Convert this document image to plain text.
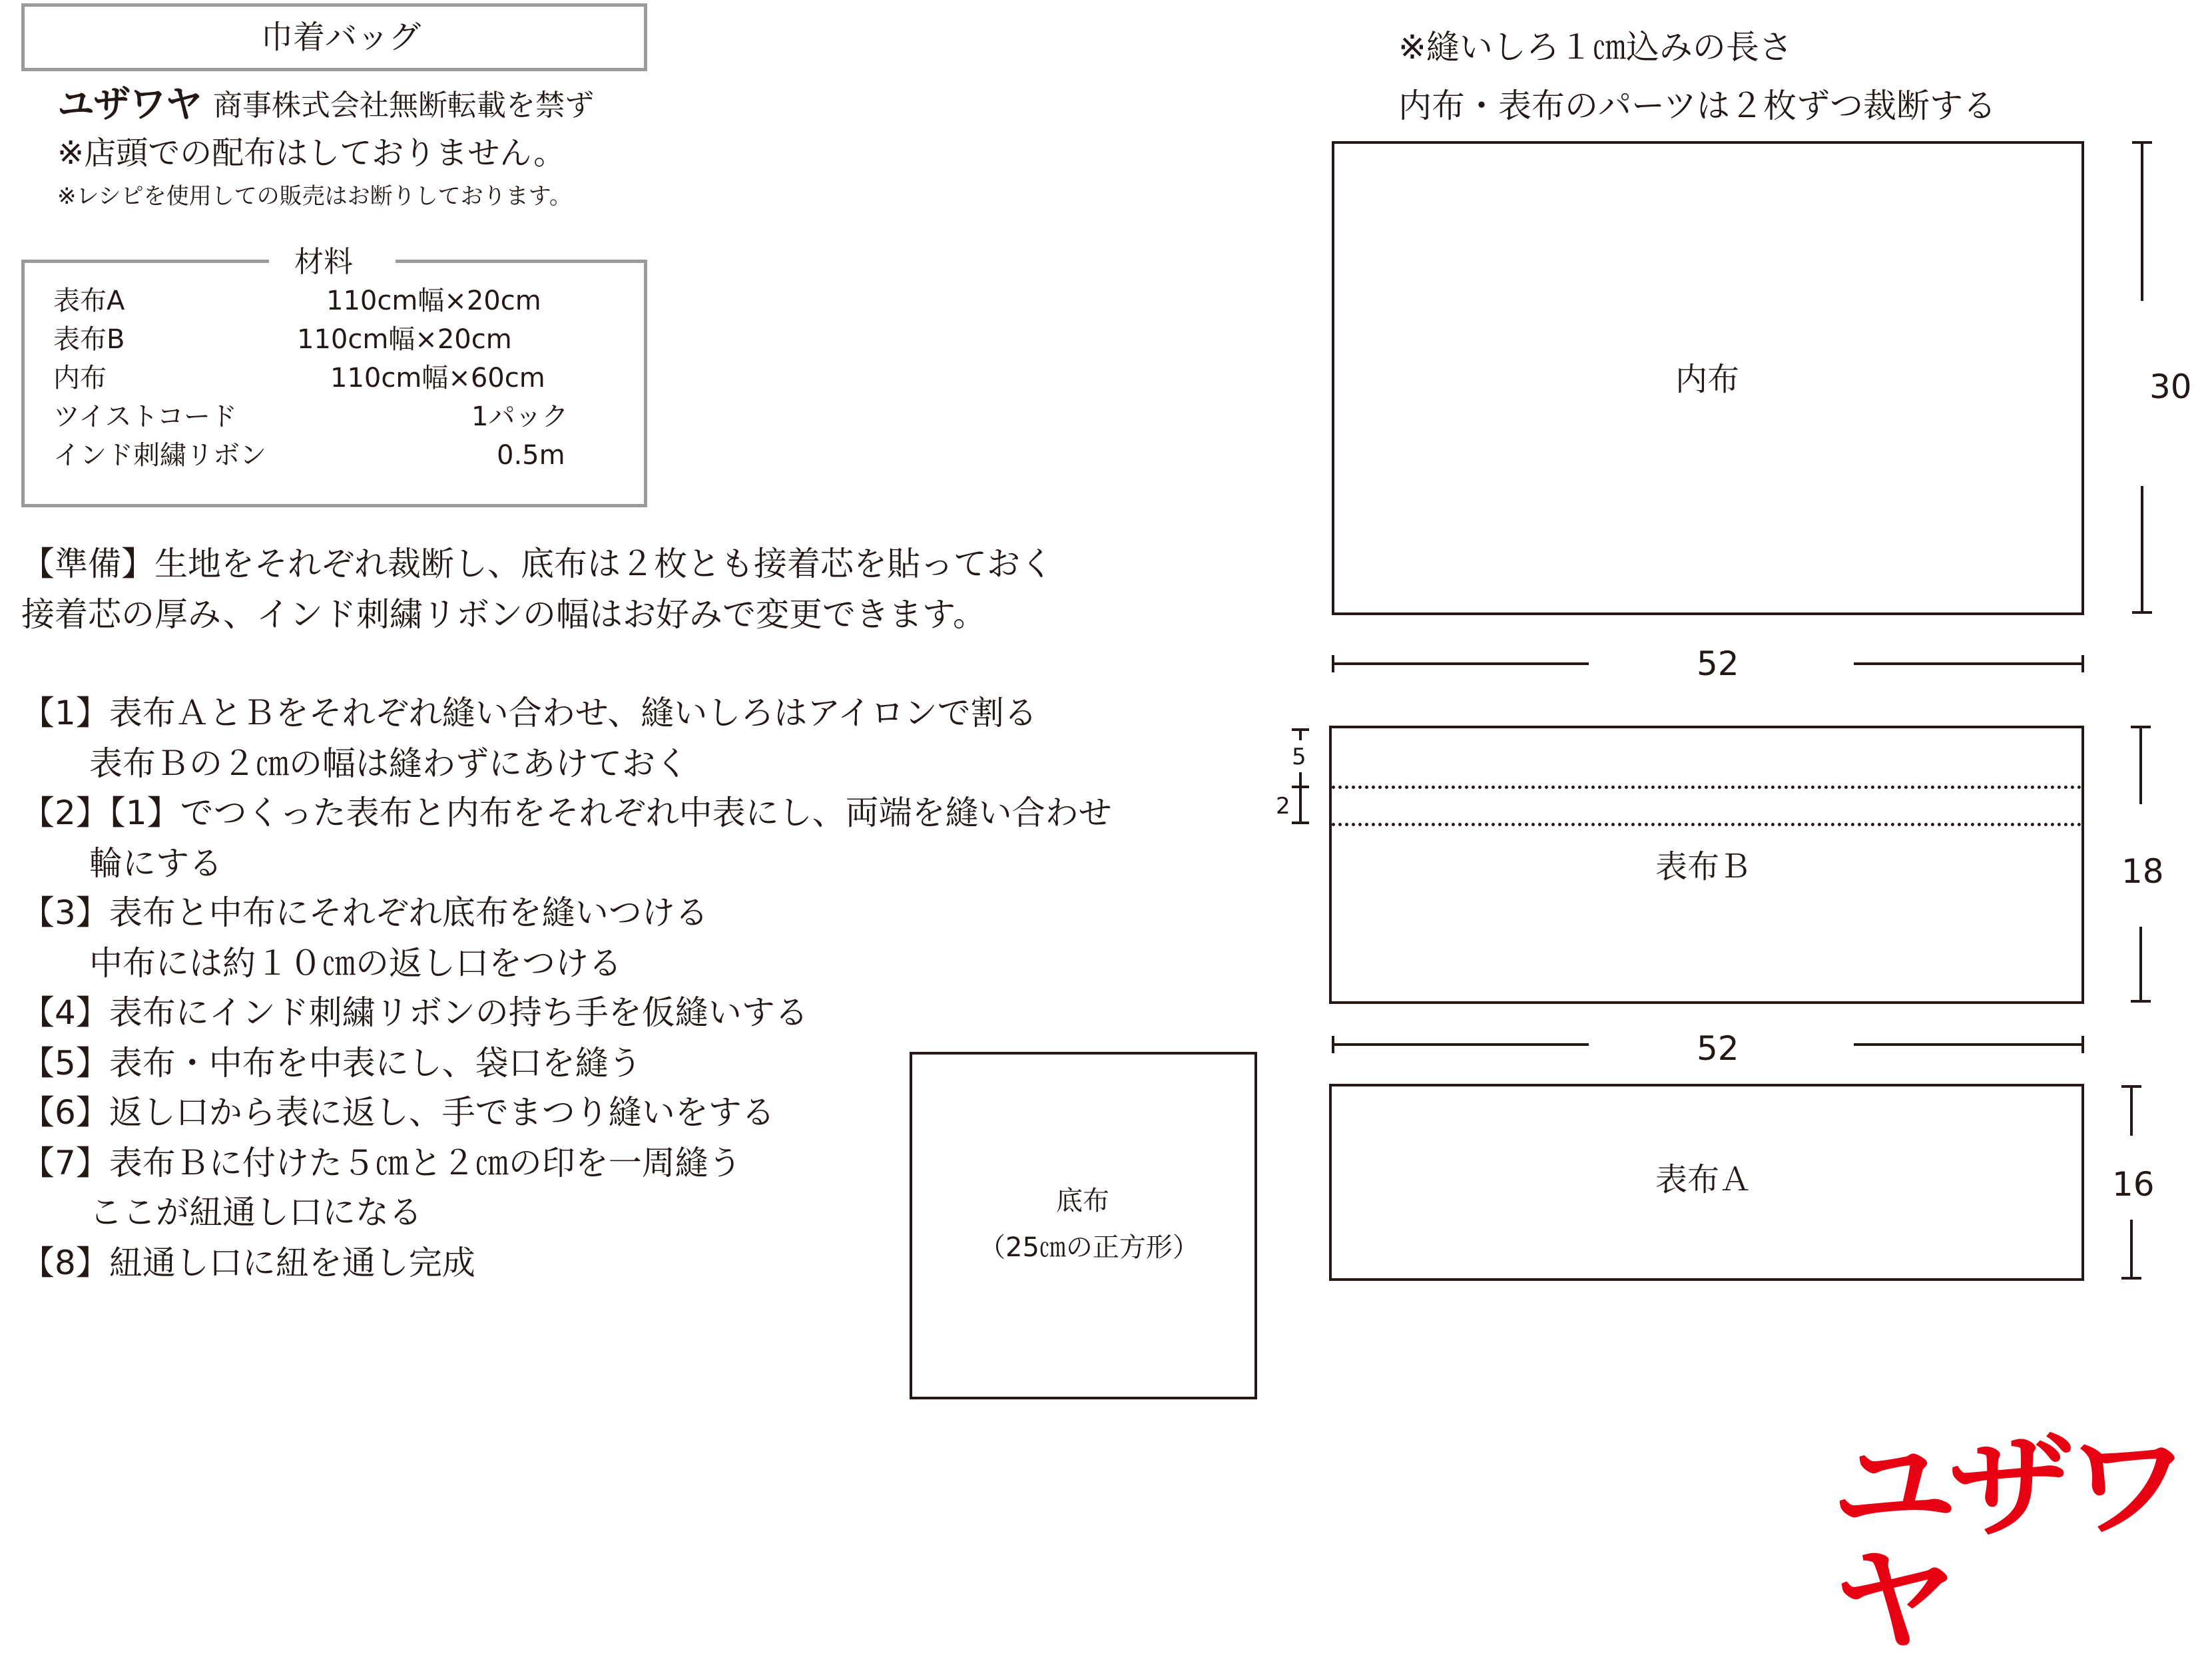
巾着バッグ
ユザワヤ 商事株式会社無断転載を禁ず
※店頭での配布はしておりません。
※レシピを使用しての販売はお断りしております。
材料
表布A	110cm幅×20cm
表布B	110cm幅×20cm
内布	110cm幅×60cm
ツイストコード	1パック
インド刺繍リボン	0.5m
【準備】生地をそれぞれ裁断し、底布は２枚とも接着芯を貼っておく
接着芯の厚み、インド刺繍リボンの幅はお好みで変更できます。
【1】表布ＡとＢをそれぞれ縫い合わせ、縫いしろはアイロンで割る
表布Ｂの２㎝の幅は縫わずにあけておく
【2】【1】でつくった表布と内布をそれぞれ中表にし、両端を縫い合わせ
輪にする
【3】表布と中布にそれぞれ底布を縫いつける
中布には約１０㎝の返し口をつける
【4】表布にインド刺繍リボンの持ち手を仮縫いする
【5】表布・中布を中表にし、袋口を縫う
【6】返し口から表に返し、手でまつり縫いをする
【7】表布Ｂに付けた５㎝と２㎝の印を一周縫う
ここが紐通し口になる
【8】紐通し口に紐を通し完成
底布
（25㎝の正方形）
※縫いしろ１㎝込みの長さ
内布・表布のパーツは２枚ずつ裁断する
内布	30
52
表布Ｂ
5
2
18
52
表布Ａ	16
ユザワヤ
